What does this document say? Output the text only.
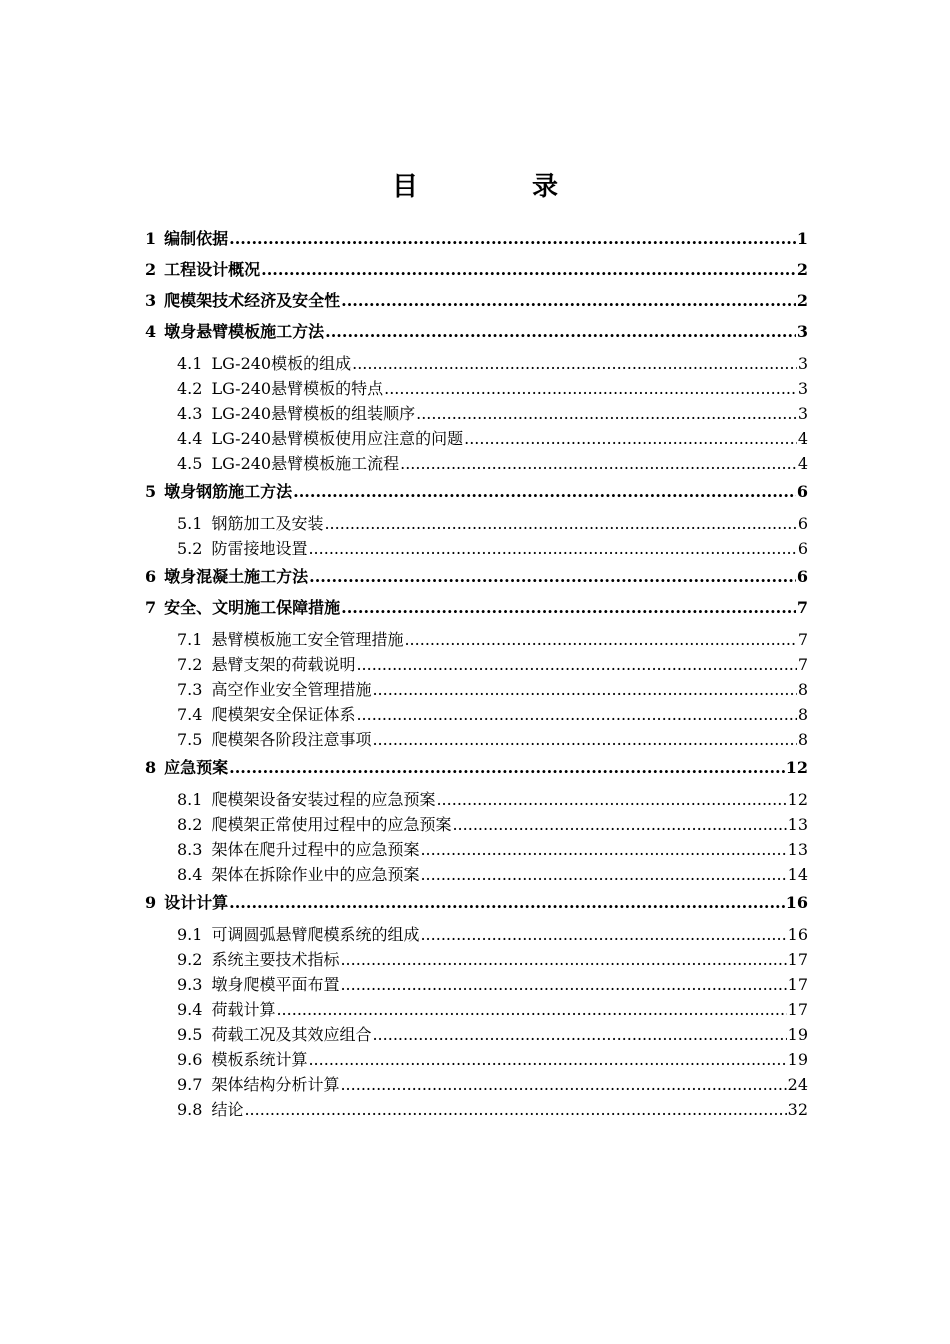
目　录
1 编制依据 .....	1
2 工程设计概况 .....	2
3 爬模架技术经济及安全性 .....	2
4 墩身悬臂模板施工方法 .....	3
4.1 LG-240模板的组成 .....	3
4.2 LG-240悬臂模板的特点 .....	3
4.3 LG-240悬臂模板的组装顺序 .....	3
4.4 LG-240悬臂模板使用应注意的问题 .....	4
4.5 LG-240悬臂模板施工流程 .....	4
5 墩身钢筋施工方法 .....	6
5.1 钢筋加工及安装 .....	6
5.2 防雷接地设置 .....	6
6 墩身混凝土施工方法 .....	6
7 安全、文明施工保障措施 .....	7
7.1 悬臂模板施工安全管理措施 .....	7
7.2 悬臂支架的荷载说明 .....	7
7.3 高空作业安全管理措施 .....	8
7.4 爬模架安全保证体系 .....	8
7.5 爬模架各阶段注意事项 .....	8
8 应急预案 .....	12
8.1 爬模架设备安装过程的应急预案 .....	12
8.2 爬模架正常使用过程中的应急预案 .....	13
8.3 架体在爬升过程中的应急预案 .....	13
8.4 架体在拆除作业中的应急预案 .....	14
9 设计计算 .....	16
9.1 可调圆弧悬臂爬模系统的组成 .....	16
9.2 系统主要技术指标 .....	17
9.3 墩身爬模平面布置 .....	17
9.4 荷载计算 .....	17
9.5 荷载工况及其效应组合 .....	19
9.6 模板系统计算 .....	19
9.7 架体结构分析计算 .....	24
9.8 结论 .....	32
